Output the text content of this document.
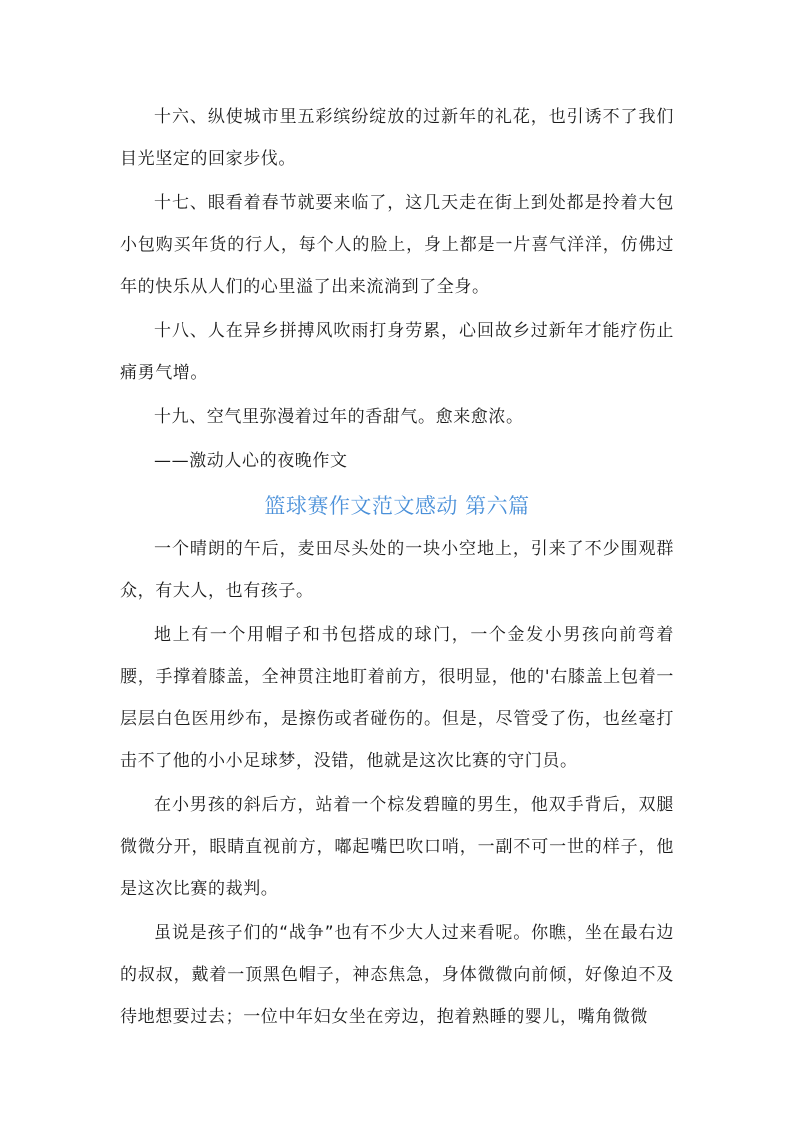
十六、纵使城市里五彩缤纷绽放的过新年的礼花，也引诱不了我们目光坚定的回家步伐。

十七、眼看着春节就要来临了，这几天走在街上到处都是拎着大包小包购买年货的行人，每个人的脸上，身上都是一片喜气洋洋，仿佛过年的快乐从人们的心里溢了出来流淌到了全身。

十八、人在异乡拼搏风吹雨打身劳累，心回故乡过新年才能疗伤止痛勇气增。

十九、空气里弥漫着过年的香甜气。愈来愈浓。

——激动人心的夜晚作文

篮球赛作文范文感动 第六篇

一个晴朗的午后，麦田尽头处的一块小空地上，引来了不少围观群众，有大人，也有孩子。

地上有一个用帽子和书包搭成的球门，一个金发小男孩向前弯着腰，手撑着膝盖，全神贯注地盯着前方，很明显，他的'右膝盖上包着一层层白色医用纱布，是擦伤或者碰伤的。但是，尽管受了伤，也丝毫打击不了他的小小足球梦，没错，他就是这次比赛的守门员。

在小男孩的斜后方，站着一个棕发碧瞳的男生，他双手背后，双腿微微分开，眼睛直视前方，嘟起嘴巴吹口哨，一副不可一世的样子，他是这次比赛的裁判。

虽说是孩子们的“战争”也有不少大人过来看呢。你瞧，坐在最右边的叔叔，戴着一顶黑色帽子，神态焦急，身体微微向前倾，好像迫不及待地想要过去；一位中年妇女坐在旁边，抱着熟睡的婴儿，嘴角微微
